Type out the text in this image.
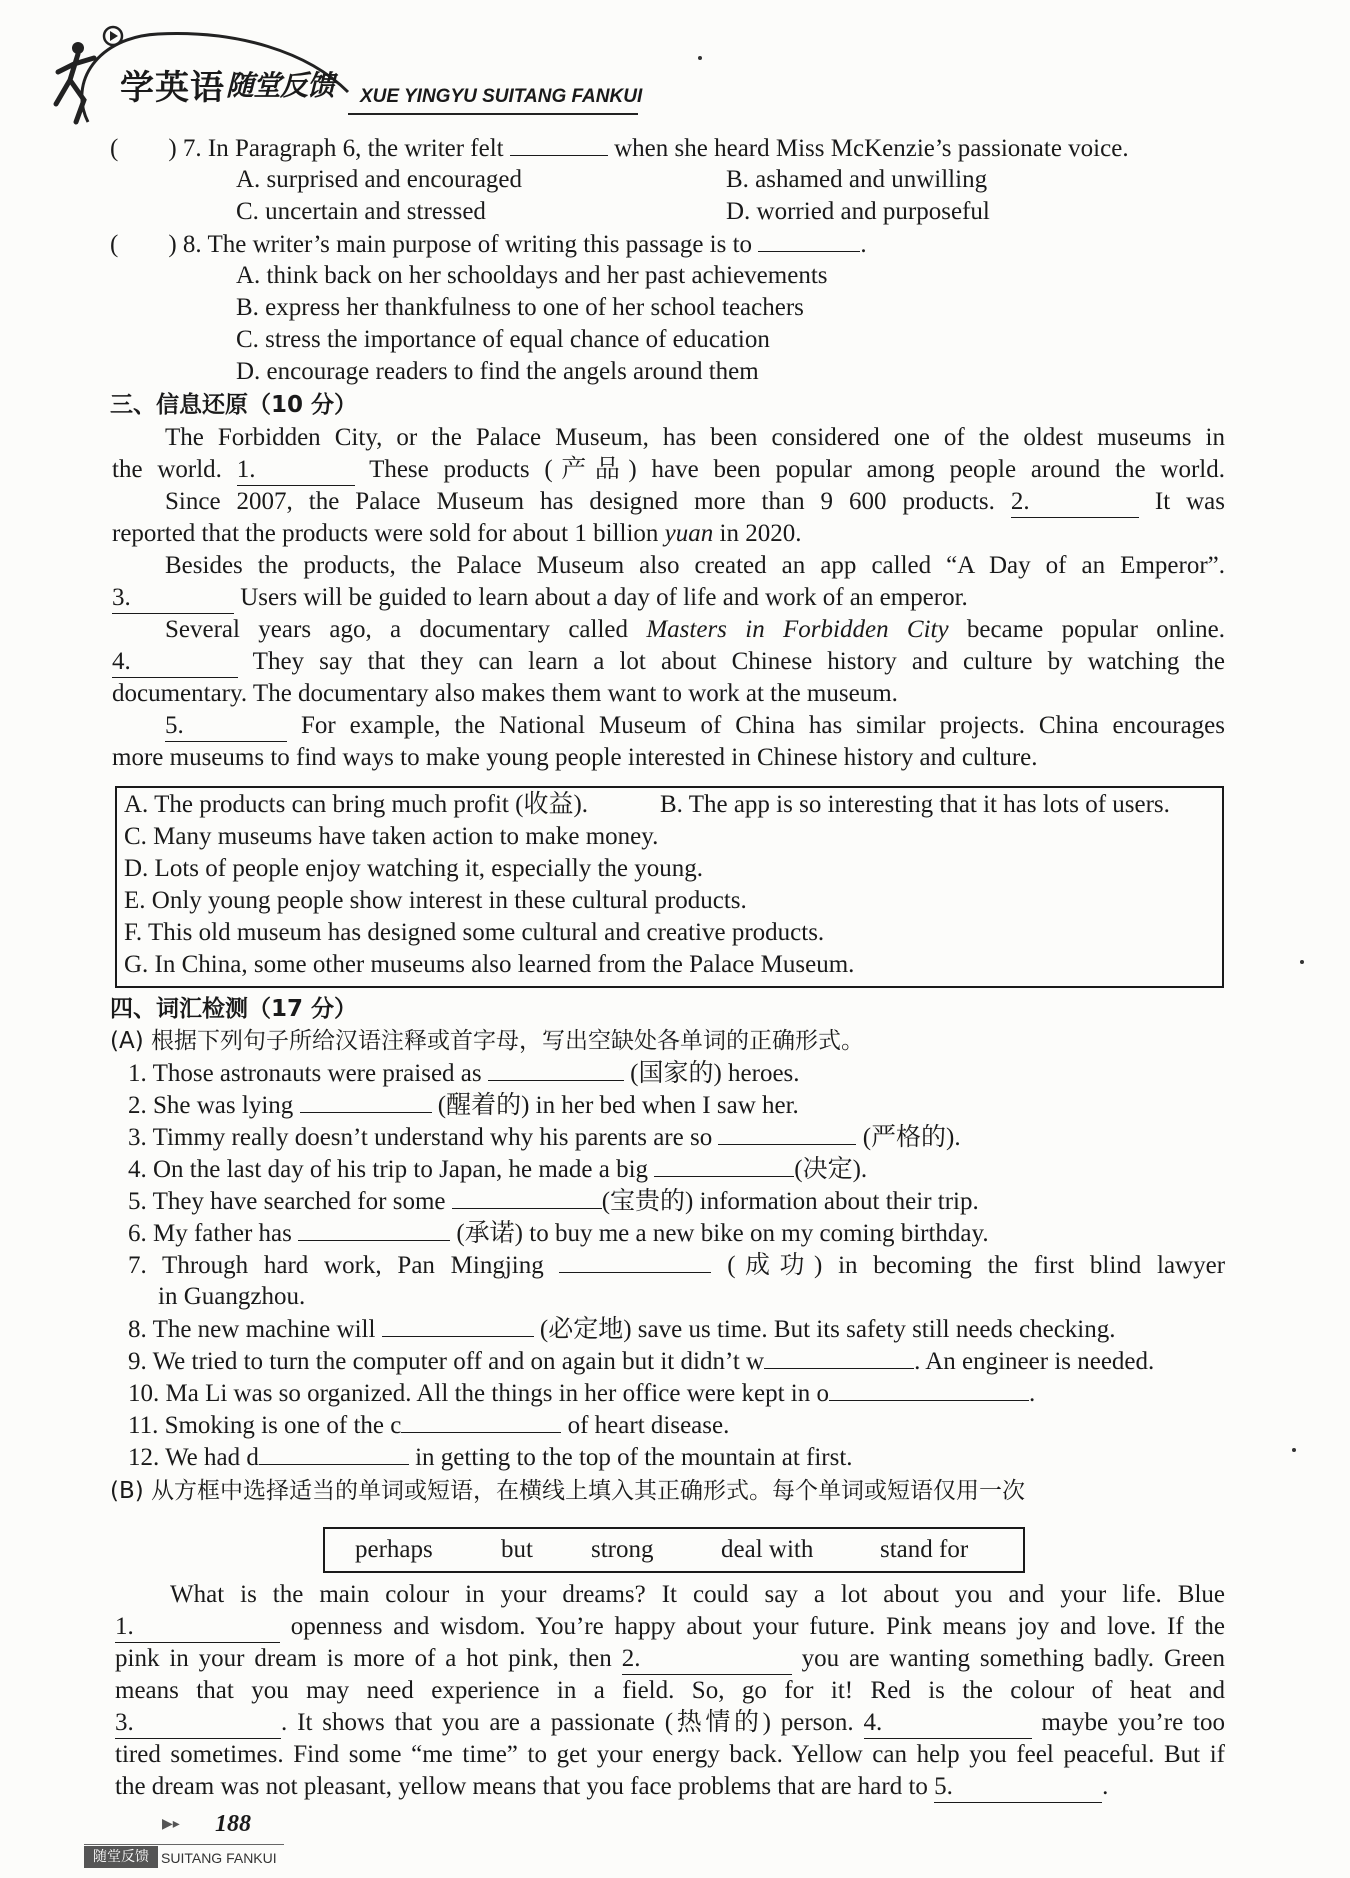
学英语 随堂反馈 XUE YINGYU SUITANG FANKUI
(　　) 7. In Paragraph 6, the writer felt	when she heard Miss McKenzie’s passionate voice.
A. surprised and encouraged	B. ashamed and unwilling
C. uncertain and stressed	D. worried and purposeful
(　　) 8. The writer’s main purpose of writing this passage is to	.
A. think back on her schooldays and her past achievements
B. express her thankfulness to one of her school teachers
C. stress the importance of equal chance of education
D. encourage readers to find the angels around them
三、信息还原（10 分）
The Forbidden City, or the Palace Museum, has been considered one of the oldest museums in
the world. 1.	These products (产品) have been popular among people around the world.
Since 2007, the Palace Museum has designed more than 9 600 products. 2.	It was
reported that the products were sold for about 1 billion yuan in 2020.
Besides the products, the Palace Museum also created an app called “A Day of an Emperor”.
3.	Users will be guided to learn about a day of life and work of an emperor.
Several years ago, a documentary called Masters in Forbidden City became popular online.
4.	They say that they can learn a lot about Chinese history and culture by watching the
documentary. The documentary also makes them want to work at the museum.
5.	For example, the National Museum of China has similar projects. China encourages
more museums to find ways to make young people interested in Chinese history and culture.
A. The products can bring much profit (收益).	B. The app is so interesting that it has lots of users.
C. Many museums have taken action to make money.
D. Lots of people enjoy watching it, especially the young.
E. Only young people show interest in these cultural products.
F. This old museum has designed some cultural and creative products.
G. In China, some other museums also learned from the Palace Museum.
四、词汇检测（17 分）
(A) 根据下列句子所给汉语注释或首字母，写出空缺处各单词的正确形式。
1. Those astronauts were praised as	(国家的) heroes.
2. She was lying	(醒着的) in her bed when I saw her.
3. Timmy really doesn’t understand why his parents are so	(严格的).
4. On the last day of his trip to Japan, he made a big	(决定).
5. They have searched for some	(宝贵的) information about their trip.
6. My father has	(承诺) to buy me a new bike on my coming birthday.
7. Through hard work, Pan Mingjing	(成功) in becoming the first blind lawyer
in Guangzhou.
8. The new machine will	(必定地) save us time. But its safety still needs checking.
9. We tried to turn the computer off and on again but it didn’t w	. An engineer is needed.
10. Ma Li was so organized. All the things in her office were kept in o	.
11. Smoking is one of the c	of heart disease.
12. We had d	in getting to the top of the mountain at first.
(B) 从方框中选择适当的单词或短语，在横线上填入其正确形式。每个单词或短语仅用一次
perhaps	but strong	deal with	stand for
What is the main colour in your dreams? It could say a lot about you and your life. Blue
1.	openness and wisdom. You’re happy about your future. Pink means joy and love. If the
pink in your dream is more of a hot pink, then 2.	you are wanting something badly. Green
means that you may need experience in a field. So, go for it! Red is the colour of heat and
3.	. It shows that you are a passionate (热情的) person. 4.	maybe you’re too
tired sometimes. Find some “me time” to get your energy back. Yellow can help you feel peaceful. But if
the dream was not pleasant, yellow means that you face problems that are hard to 5.	.
▶▸ 188
随堂反馈 SUITANG FANKUI
